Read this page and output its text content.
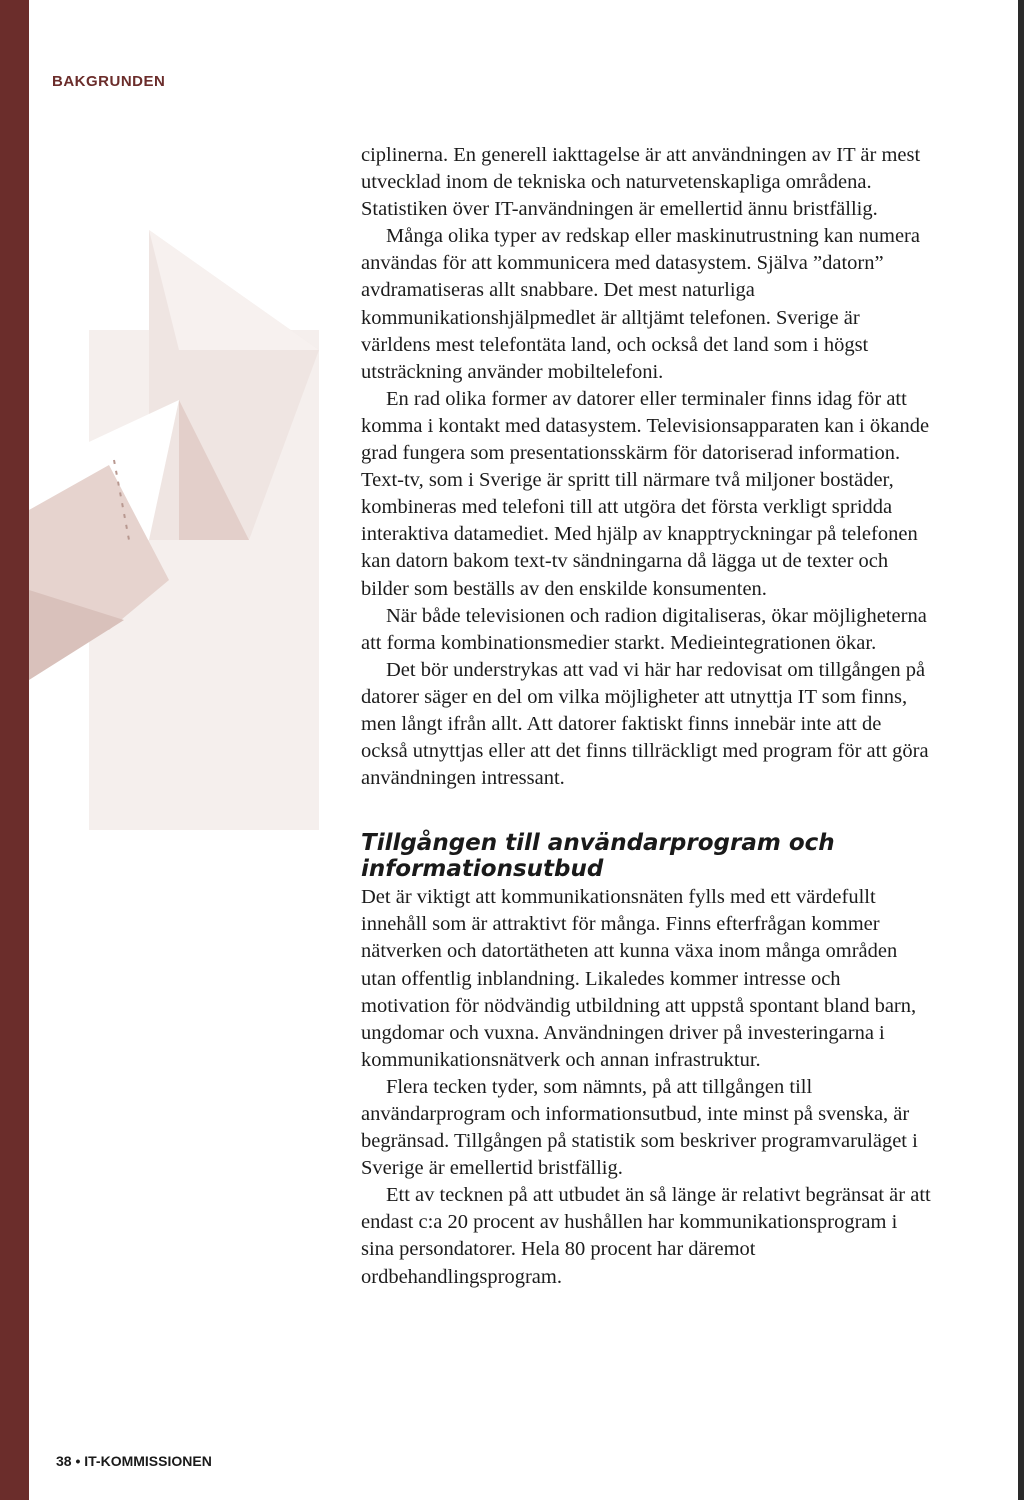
BAKGRUNDEN

ciplinerna. En generell iakttagelse är att användningen av IT är mest utvecklad inom de tekniska och naturvetenskapliga områdena. Statistiken över IT-användningen är emellertid ännu bristfällig.

Många olika typer av redskap eller maskinutrustning kan numera användas för att kommunicera med datasystem. Själva ”datorn” avdramatiseras allt snabbare. Det mest naturliga kommunikationshjälpmedlet är alltjämt telefonen. Sverige är världens mest telefontäta land, och också det land som i högst utsträckning använder mobiltelefoni.

En rad olika former av datorer eller terminaler finns idag för att komma i kontakt med datasystem. Televisionsapparaten kan i ökande grad fungera som presentationsskärm för datoriserad information. Text-tv, som i Sverige är spritt till närmare två miljoner bostäder, kombineras med telefoni till att utgöra det första verkligt spridda interaktiva datamediet. Med hjälp av knapptryckningar på telefonen kan datorn bakom text-tv sändningarna då lägga ut de texter och bilder som beställs av den enskilde konsumenten.

När både televisionen och radion digitaliseras, ökar möjligheterna att forma kombinationsmedier starkt. Medieintegrationen ökar.

Det bör understrykas att vad vi här har redovisat om tillgången på datorer säger en del om vilka möjligheter att utnyttja IT som finns, men långt ifrån allt. Att datorer faktiskt finns innebär inte att de också utnyttjas eller att det finns tillräckligt med program för att göra användningen intressant.

Tillgången till användarprogram och informationsutbud

Det är viktigt att kommunikationsnäten fylls med ett värdefullt innehåll som är attraktivt för många. Finns efterfrågan kommer nätverken och datortätheten att kunna växa inom många områden utan offentlig inblandning. Likaledes kommer intresse och motivation för nödvändig utbildning att uppstå spontant bland barn, ungdomar och vuxna. Användningen driver på investeringarna i kommunikationsnätverk och annan infrastruktur.

Flera tecken tyder, som nämnts, på att tillgången till användarprogram och informationsutbud, inte minst på svenska, är begränsad. Tillgången på statistik som beskriver programvaruläget i Sverige är emellertid bristfällig.

Ett av tecknen på att utbudet än så länge är relativt begränsat är att endast c:a 20 procent av hushållen har kommunikationsprogram i sina persondatorer. Hela 80 procent har däremot ordbehandlingsprogram.

38 • IT-KOMMISSIONEN
